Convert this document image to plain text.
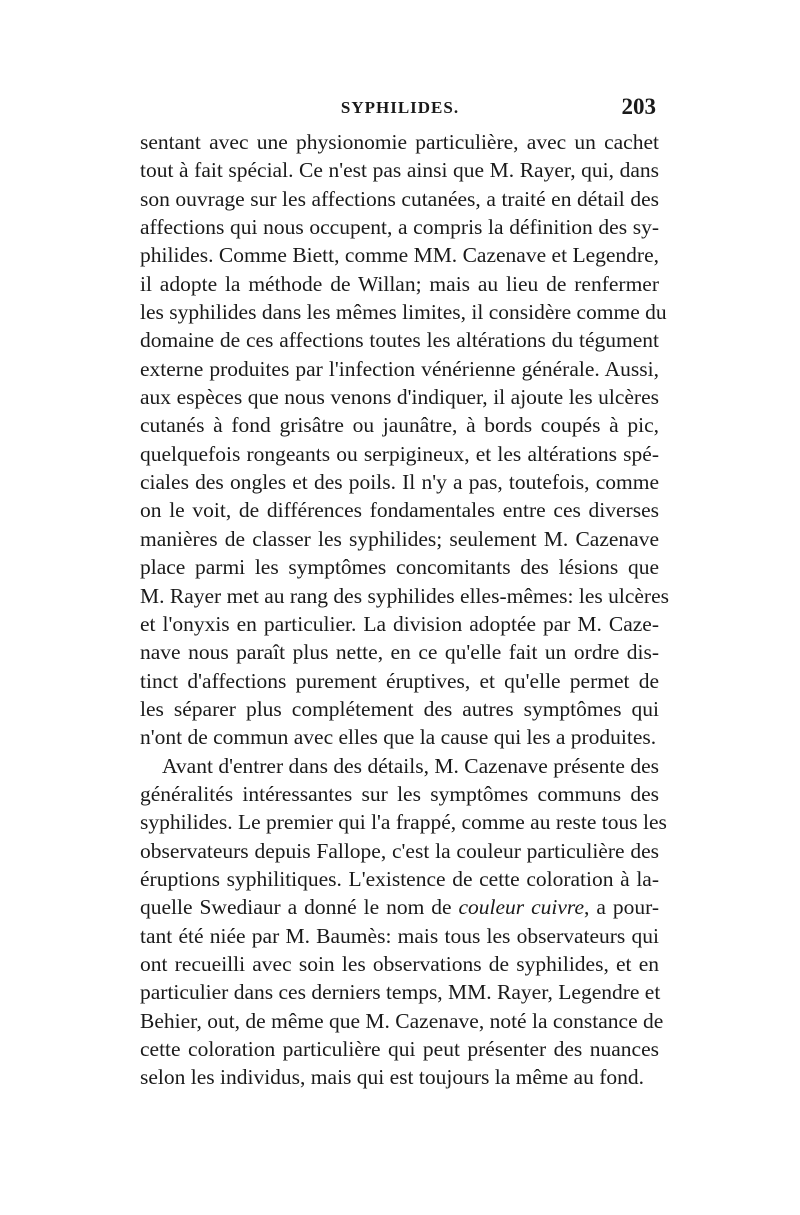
SYPHILIDES.	203
sentant avec une physionomie particulière, avec un cachet
tout à fait spécial. Ce n'est pas ainsi que M. Rayer, qui, dans
son ouvrage sur les affections cutanées, a traité en détail des
affections qui nous occupent, a compris la définition des sy-
philides. Comme Biett, comme MM. Cazenave et Legendre,
il adopte la méthode de Willan; mais au lieu de renfermer
les syphilides dans les mêmes limites, il considère comme du
domaine de ces affections toutes les altérations du tégument
externe produites par l'infection vénérienne générale. Aussi,
aux espèces que nous venons d'indiquer, il ajoute les ulcères
cutanés à fond grisâtre ou jaunâtre, à bords coupés à pic,
quelquefois rongeants ou serpigineux, et les altérations spé-
ciales des ongles et des poils. Il n'y a pas, toutefois, comme
on le voit, de différences fondamentales entre ces diverses
manières de classer les syphilides; seulement M. Cazenave
place parmi les symptômes concomitants des lésions que
M. Rayer met au rang des syphilides elles-mêmes: les ulcères
et l'onyxis en particulier. La division adoptée par M. Caze-
nave nous paraît plus nette, en ce qu'elle fait un ordre dis-
tinct d'affections purement éruptives, et qu'elle permet de
les séparer plus complétement des autres symptômes qui
n'ont de commun avec elles que la cause qui les a produites.
Avant d'entrer dans des détails, M. Cazenave présente des
généralités intéressantes sur les symptômes communs des
syphilides. Le premier qui l'a frappé, comme au reste tous les
observateurs depuis Fallope, c'est la couleur particulière des
éruptions syphilitiques. L'existence de cette coloration à la-
quelle Swediaur a donné le nom de couleur cuivre, a pour-
tant été niée par M. Baumès: mais tous les observateurs qui
ont recueilli avec soin les observations de syphilides, et en
particulier dans ces derniers temps, MM. Rayer, Legendre et
Behier, out, de même que M. Cazenave, noté la constance de
cette coloration particulière qui peut présenter des nuances
selon les individus, mais qui est toujours la même au fond.
